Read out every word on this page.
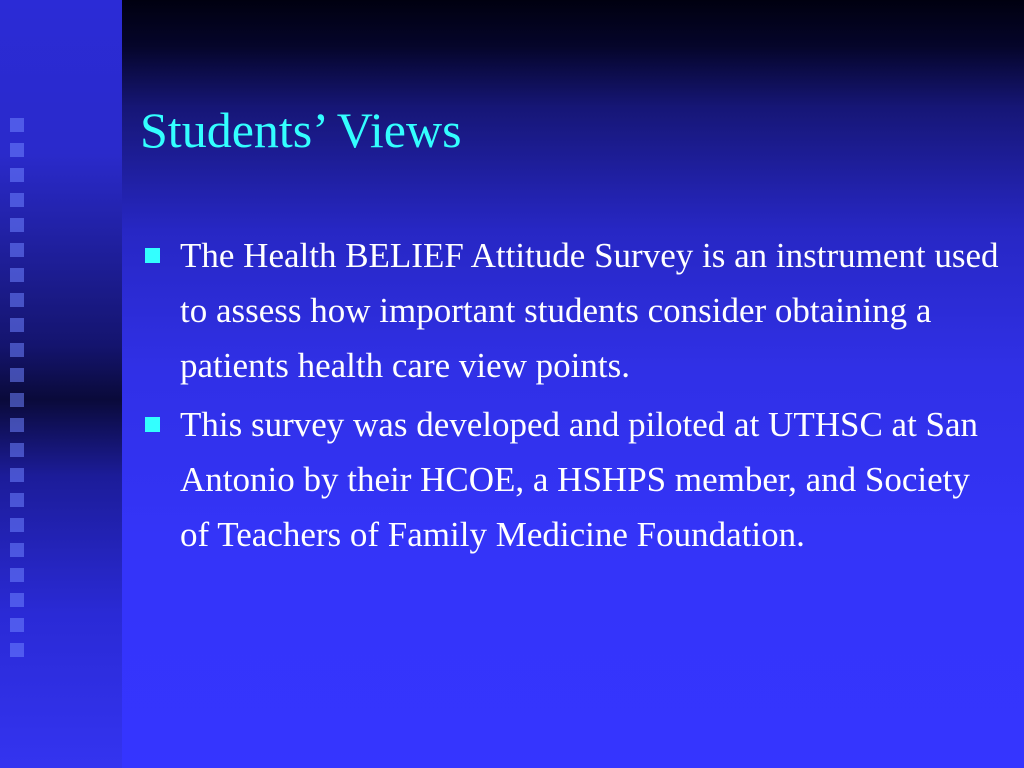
Students’ Views
The Health BELIEF Attitude Survey is an instrument used to assess how important students consider obtaining a patients health care view points.
This survey was developed and piloted at UTHSC at San Antonio by their HCOE, a HSHPS member, and Society of Teachers of Family Medicine Foundation.
